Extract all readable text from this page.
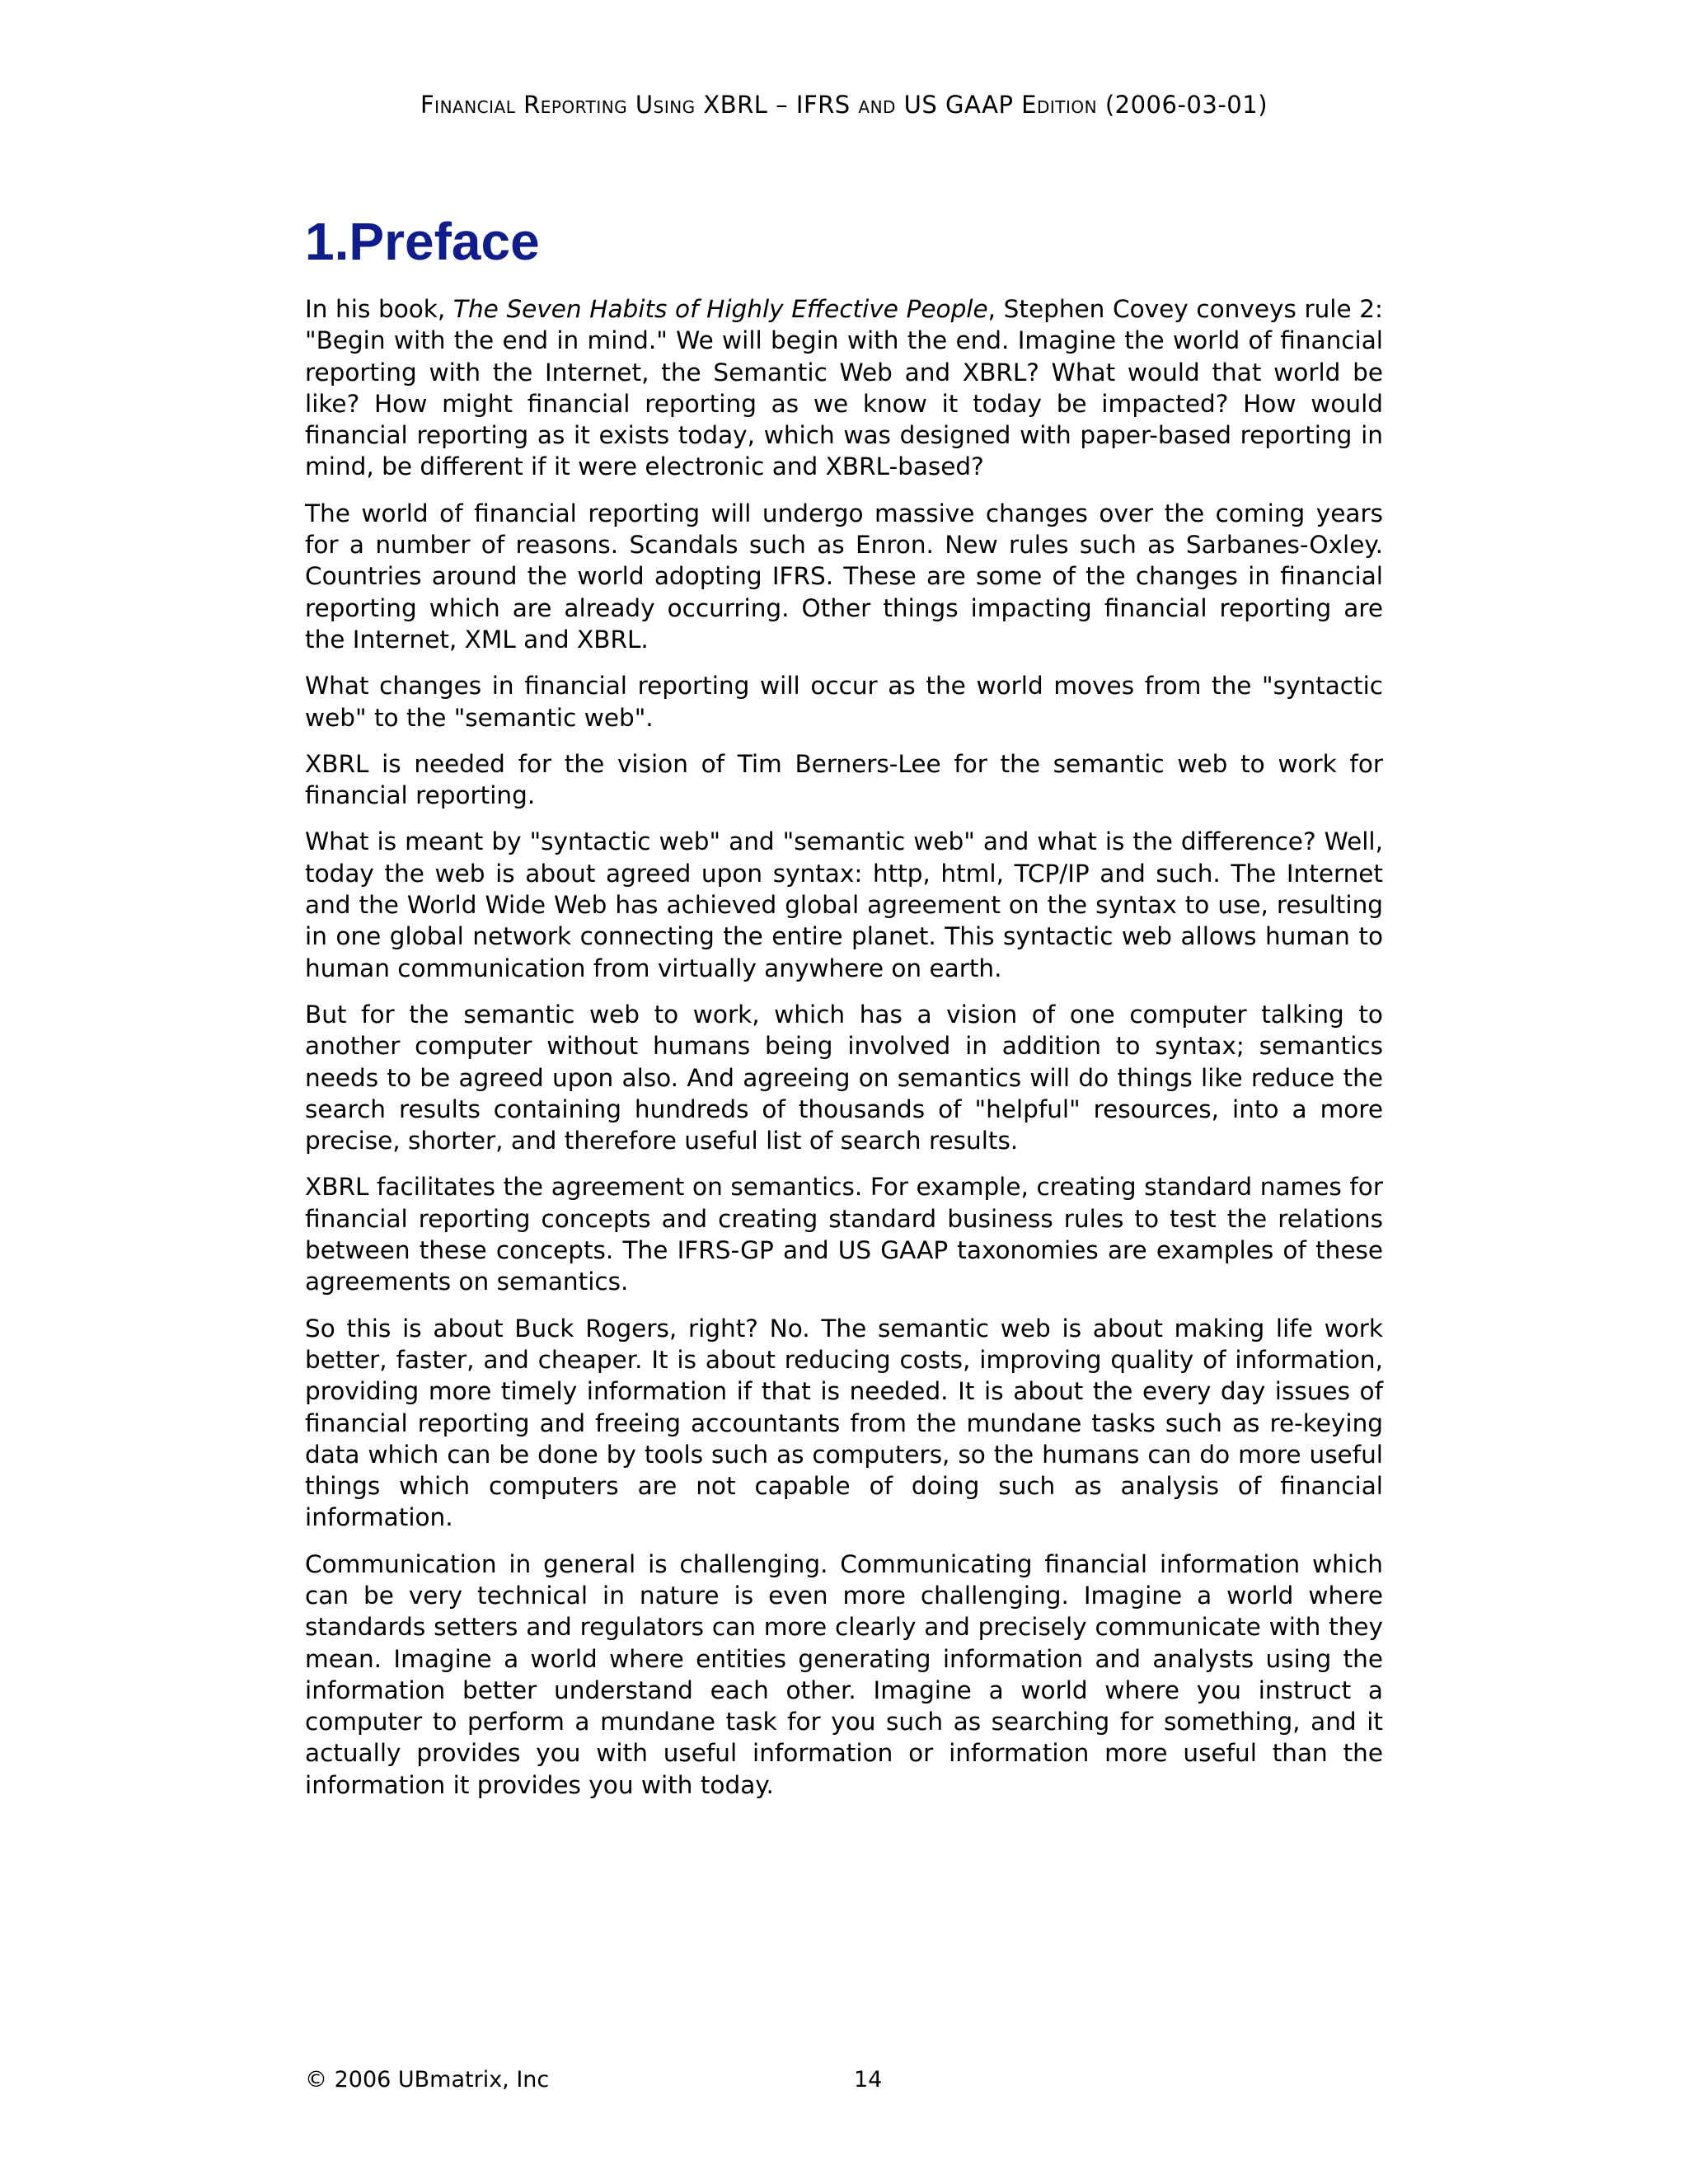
Financial Reporting Using XBRL – IFRS and US GAAP Edition (2006-03-01)
1.Preface

In his book, The Seven Habits of Highly Effective People, Stephen Covey conveys rule 2: "Begin with the end in mind." We will begin with the end. Imagine the world of financial reporting with the Internet, the Semantic Web and XBRL? What would that world be like? How might financial reporting as we know it today be impacted? How would financial reporting as it exists today, which was designed with paper-based reporting in mind, be different if it were electronic and XBRL-based?

The world of financial reporting will undergo massive changes over the coming years for a number of reasons. Scandals such as Enron. New rules such as Sarbanes-Oxley. Countries around the world adopting IFRS. These are some of the changes in financial reporting which are already occurring. Other things impacting financial reporting are the Internet, XML and XBRL.

What changes in financial reporting will occur as the world moves from the "syntactic web" to the "semantic web".

XBRL is needed for the vision of Tim Berners-Lee for the semantic web to work for financial reporting.

What is meant by "syntactic web" and "semantic web" and what is the difference? Well, today the web is about agreed upon syntax: http, html, TCP/IP and such. The Internet and the World Wide Web has achieved global agreement on the syntax to use, resulting in one global network connecting the entire planet. This syntactic web allows human to human communication from virtually anywhere on earth.

But for the semantic web to work, which has a vision of one computer talking to another computer without humans being involved in addition to syntax; semantics needs to be agreed upon also. And agreeing on semantics will do things like reduce the search results containing hundreds of thousands of "helpful" resources, into a more precise, shorter, and therefore useful list of search results.

XBRL facilitates the agreement on semantics. For example, creating standard names for financial reporting concepts and creating standard business rules to test the relations between these concepts. The IFRS-GP and US GAAP taxonomies are examples of these agreements on semantics.

So this is about Buck Rogers, right? No. The semantic web is about making life work better, faster, and cheaper. It is about reducing costs, improving quality of information, providing more timely information if that is needed. It is about the every day issues of financial reporting and freeing accountants from the mundane tasks such as re-keying data which can be done by tools such as computers, so the humans can do more useful things which computers are not capable of doing such as analysis of financial information.

Communication in general is challenging. Communicating financial information which can be very technical in nature is even more challenging. Imagine a world where standards setters and regulators can more clearly and precisely communicate with they mean. Imagine a world where entities generating information and analysts using the information better understand each other. Imagine a world where you instruct a computer to perform a mundane task for you such as searching for something, and it actually provides you with useful information or information more useful than the information it provides you with today.

© 2006 UBmatrix, Inc	14
